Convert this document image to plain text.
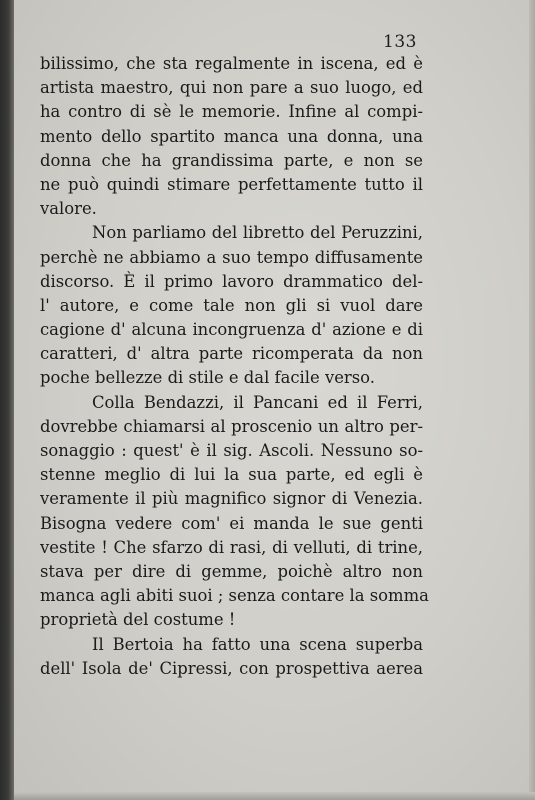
133

bilissimo, che sta regalmente in iscena, ed è
artista maestro, qui non pare a suo luogo, ed
ha contro di sè le memorie. Infine al compi-
mento dello spartito manca una donna, una
donna che ha grandissima parte, e non se
ne può quindi stimare perfettamente tutto il
valore.

Non parliamo del libretto del Peruzzini,
perchè ne abbiamo a suo tempo diffusamente
discorso. È il primo lavoro drammatico del-
l' autore, e come tale non gli si vuol dare
cagione d' alcuna incongruenza d' azione e di
caratteri, d' altra parte ricomperata da non
poche bellezze di stile e dal facile verso.

Colla Bendazzi, il Pancani ed il Ferri,
dovrebbe chiamarsi al proscenio un altro per-
sonaggio : quest' è il sig. Ascoli. Nessuno so-
stenne meglio di lui la sua parte, ed egli è
veramente il più magnifico signor di Venezia.
Bisogna vedere com' ei manda le sue genti
vestite ! Che sfarzo di rasi, di velluti, di trine,
stava per dire di gemme, poichè altro non
manca agli abiti suoi ; senza contare la somma
proprietà del costume !

Il Bertoia ha fatto una scena superba
dell' Isola de' Cipressi, con prospettiva aerea
